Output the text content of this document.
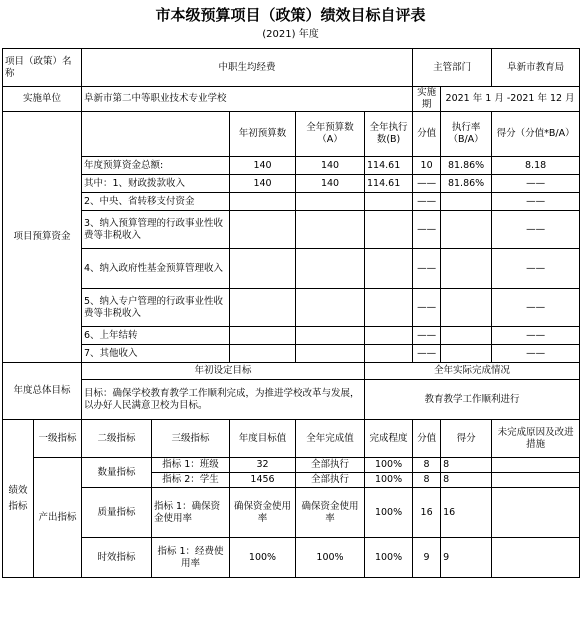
市本级预算项目（政策）绩效目标自评表
(2021) 年度
项目（政策）名称		中职生均经费					主管部门		阜新市教育局
实施单位		阜新市第二中等职业技术专业学校					实施期	2021 年 1 月 -2021 年 12 月	
项目预算资金				年初预算数	全年预算数（A）	全年执行数(B)	分值	执行率（B/A）	得分（分值*B/A）
		年度预算资金总额:		140	140	114.61	10	81.86%	8.18
		其中：1、财政拨款收入		140	140	114.61	——	81.86%	——
		2、中央、省转移支付资金					——		——
		3、纳入预算管理的行政事业性收费等非税收入					——		——
		4、纳入政府性基金预算管理收入					——		——
		5、纳入专户管理的行政事业性收费等非税收入					——		——
		6、上年结转					——		——
		7、其他收入					——		——
年度总体目标		年初设定目标				全年实际完成情况			
		目标：确保学校教育教学工作顺利完成，为推进学校改革与发展，以办好人民满意卫校为目标。				教育教学工作顺利进行			
绩效指标	一级指标	二级指标	三级指标	年度目标值	全年完成值	完成程度	分值	得分	未完成原因及改进措施
	产出指标	数量指标	指标 1：班级	32	全部执行	100%	8	8	
			指标 2：学生	1456	全部执行	100%	8	8	
		质量指标	指标 1：确保资金使用率	确保资金使用率	确保资金使用率	100%	16	16	
		时效指标	指标 1：经费使用率	100%	100%	100%	9	9	
